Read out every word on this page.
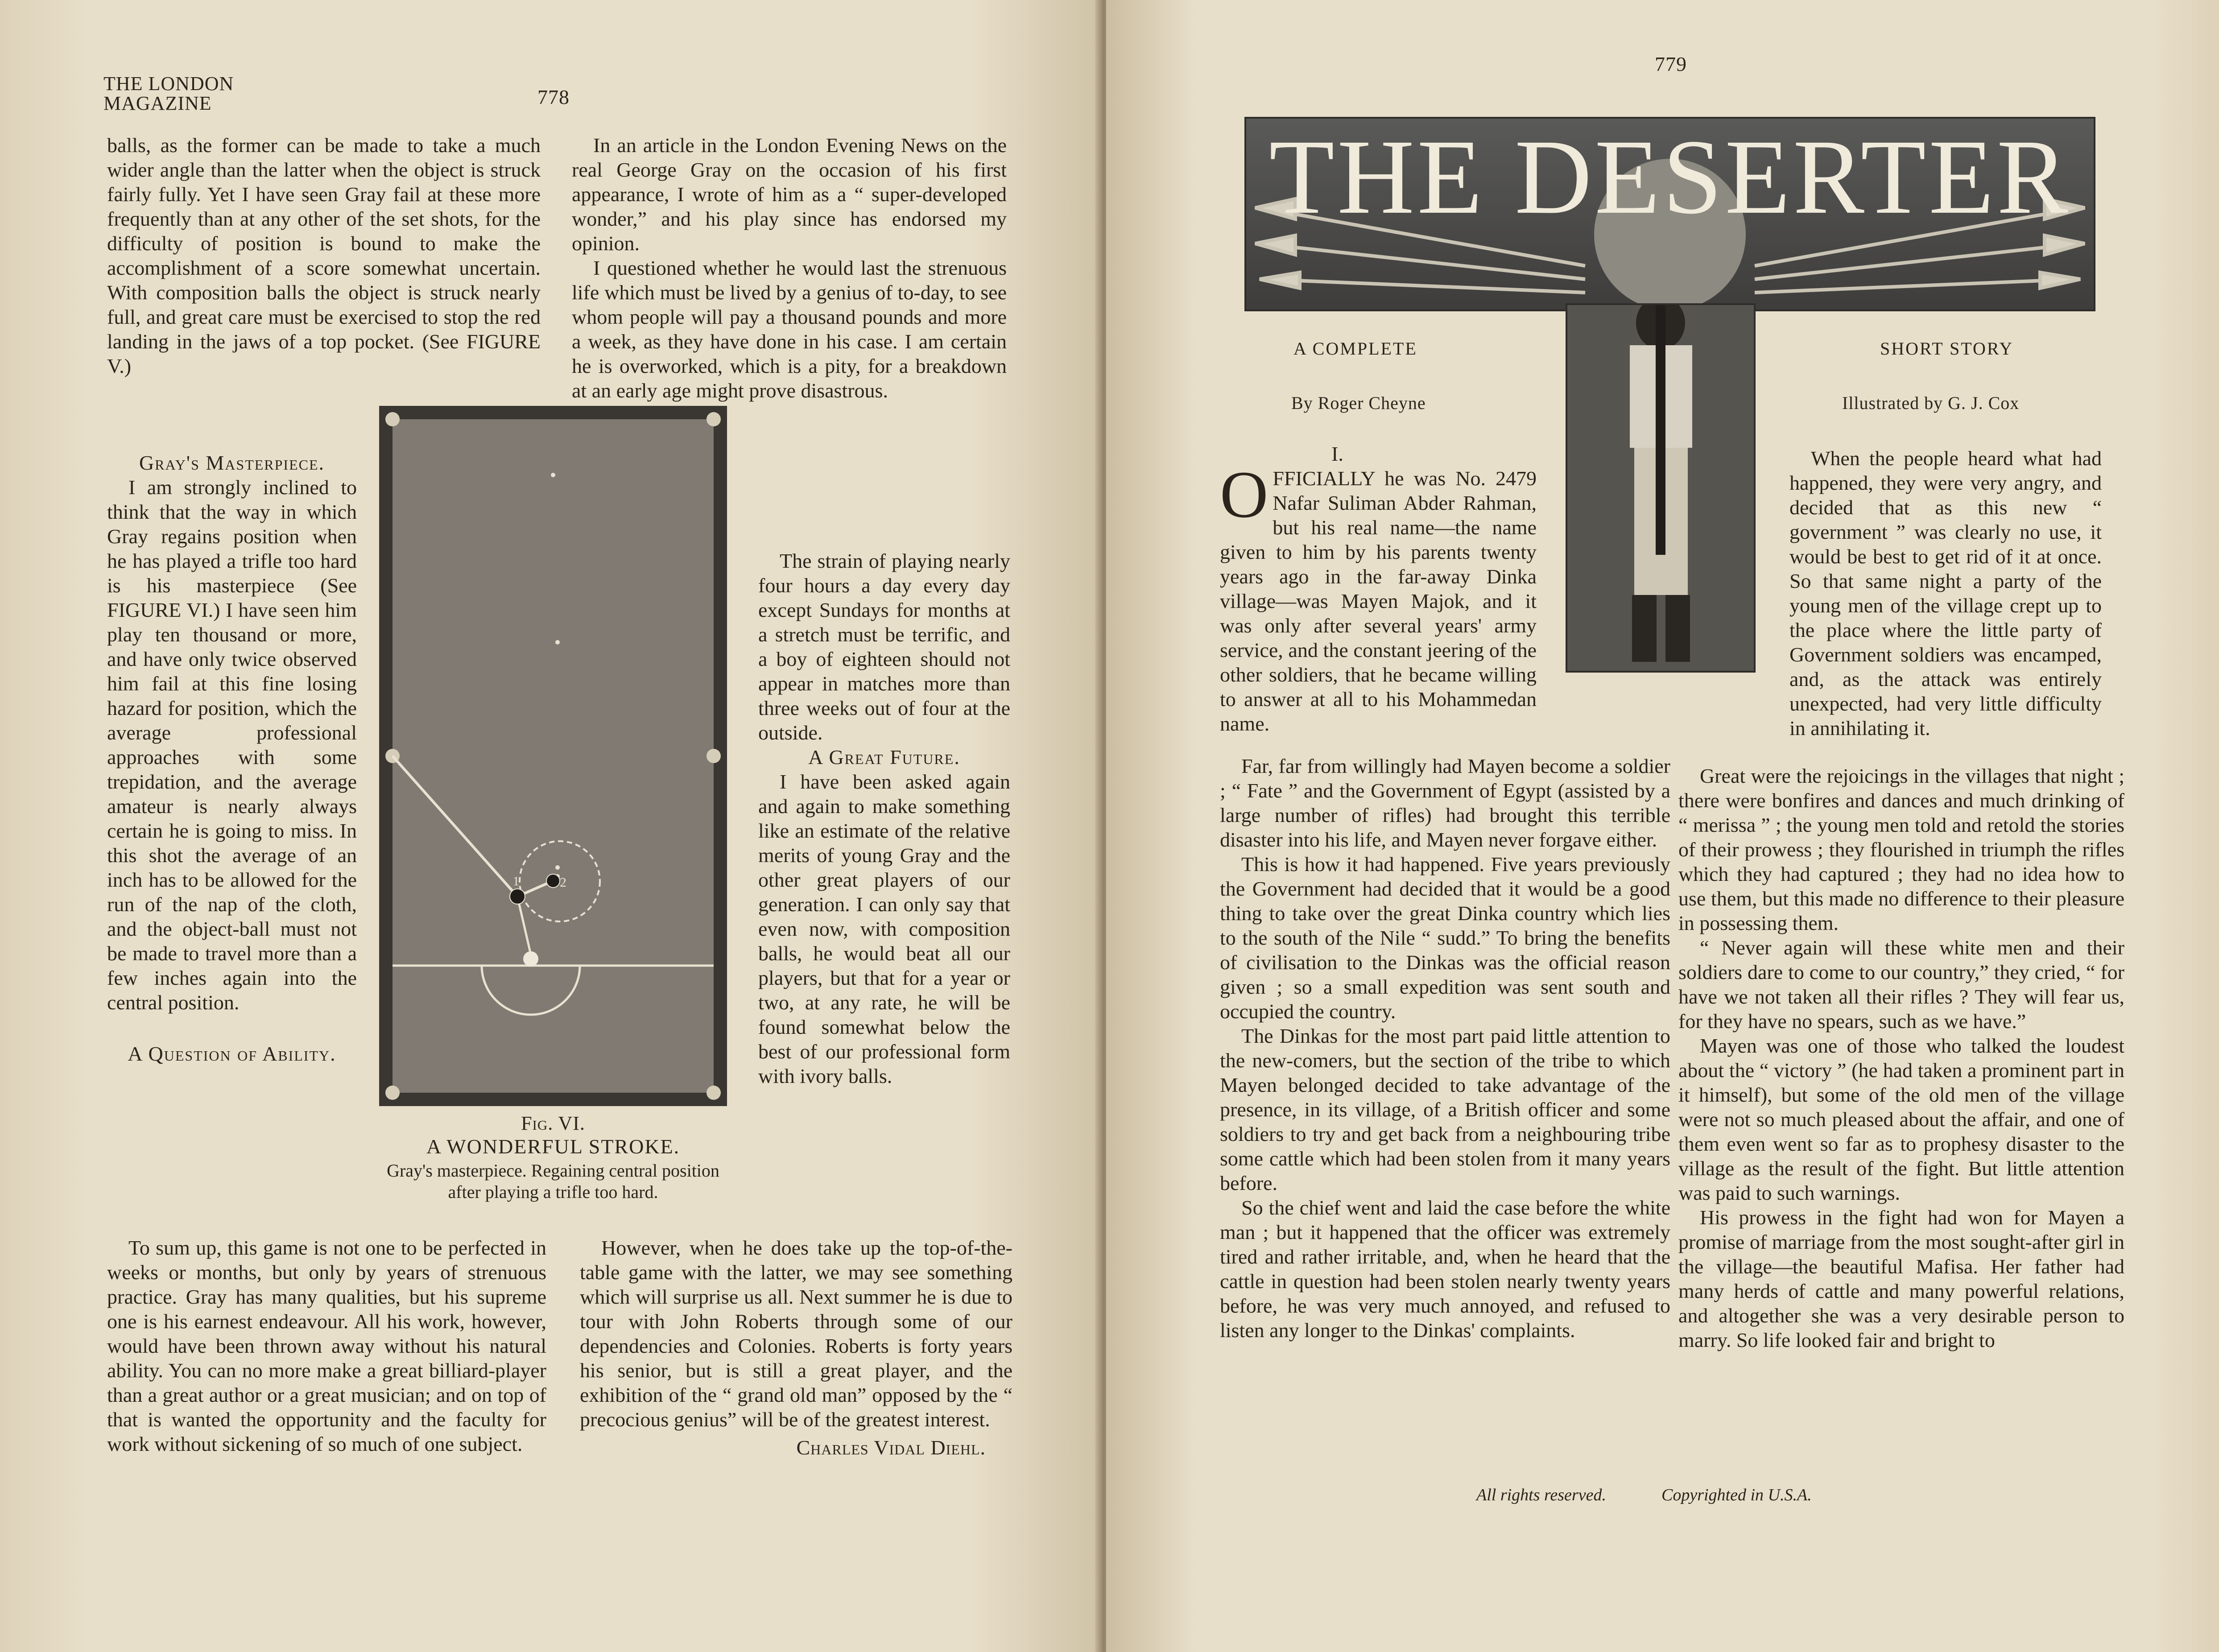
THE LONDON
MAGAZINE	778

balls, as the former can be made to take a much wider angle than the latter when the object is struck fairly fully. Yet I have seen Gray fail at these more frequently than at any other of the set shots, for the difficulty of position is bound to make the accomplishment of a score somewhat uncertain. With composition balls the object is struck nearly full, and great care must be exercised to stop the red landing in the jaws of a top pocket. (See FIGURE V.)

Gray's Masterpiece.

I am strongly inclined to think that the way in which Gray regains position when he has played a trifle too hard is his masterpiece (See FIGURE VI.) I have seen him play ten thousand or more, and have only twice observed him fail at this fine losing hazard for position, which the average professional approaches with some trepidation, and the average amateur is nearly always certain he is going to miss. In this shot the average of an inch has to be allowed for the run of the nap of the cloth, and the object-ball must not be made to travel more than a few inches again into the central position.

A Question of Ability.

To sum up, this game is not one to be perfected in weeks or months, but only by years of strenuous practice. Gray has many qualities, but his supreme one is his earnest endeavour. All his work, however, would have been thrown away without his natural ability. You can no more make a great billiard-player than a great author or a great musician; and on top of that is wanted the opportunity and the faculty for work without sickening of so much of one subject.

In an article in the London Evening News on the real George Gray on the occasion of his first appearance, I wrote of him as a “ super-developed wonder,” and his play since has endorsed my opinion.

I questioned whether he would last the strenuous life which must be lived by a genius of to-day, to see whom people will pay a thousand pounds and more a week, as they have done in his case. I am certain he is overworked, which is a pity, for a breakdown at an early age might prove disastrous.

The strain of playing nearly four hours a day every day except Sundays for months at a stretch must be terrific, and a boy of eighteen should not appear in matches more than three weeks out of four at the outside.

A Great Future.

I have been asked again and again to make something like an estimate of the relative merits of young Gray and the other great players of our generation. I can only say that even now, with composition balls, he would beat all our players, but that for a year or two, at any rate, he will be found somewhat below the best of our professional form with ivory balls.

However, when he does take up the top-of-the-table game with the latter, we may see something which will surprise us all. Next summer he is due to tour with John Roberts through some of our dependencies and Colonies. Roberts is forty years his senior, but is still a great player, and the exhibition of the “ grand old man” opposed by the “ precocious genius” will be of the greatest interest.

Charles Vidal Diehl.

2
1
Fig. VI.
A WONDERFUL STROKE.
Gray's masterpiece. Regaining central position after playing a trifle too hard.
779
THE DESERTER
A COMPLETE	SHORT STORY
By Roger Cheyne	Illustrated by G. J. Cox

I.

OFFICIALLY he was No. 2479 Nafar Suliman Abder Rahman, but his real name—the name given to him by his parents twenty years ago in the far-away Dinka village—was Mayen Majok, and it was only after several years' army service, and the constant jeering of the other soldiers, that he became willing to answer at all to his Mohammedan name.

Far, far from willingly had Mayen become a soldier ; “ Fate ” and the Government of Egypt (assisted by a large number of rifles) had brought this terrible disaster into his life, and Mayen never forgave either.

This is how it had happened. Five years previously the Government had decided that it would be a good thing to take over the great Dinka country which lies to the south of the Nile “ sudd.” To bring the benefits of civilisation to the Dinkas was the official reason given ; so a small expedition was sent south and occupied the country.

The Dinkas for the most part paid little attention to the new-comers, but the section of the tribe to which Mayen belonged decided to take advantage of the presence, in its village, of a British officer and some soldiers to try and get back from a neighbouring tribe some cattle which had been stolen from it many years before.

So the chief went and laid the case before the white man ; but it happened that the officer was extremely tired and rather irritable, and, when he heard that the cattle in question had been stolen nearly twenty years before, he was very much annoyed, and refused to listen any longer to the Dinkas' complaints.

When the people heard what had happened, they were very angry, and decided that as this new “ government ” was clearly no use, it would be best to get rid of it at once. So that same night a party of the young men of the village crept up to the place where the little party of Government soldiers was encamped, and, as the attack was entirely unexpected, had very little difficulty in annihilating it.

Great were the rejoicings in the villages that night ; there were bonfires and dances and much drinking of “ merissa ” ; the young men told and retold the stories of their prowess ; they flourished in triumph the rifles which they had captured ; they had no idea how to use them, but this made no difference to their pleasure in possessing them.

“ Never again will these white men and their soldiers dare to come to our country,” they cried, “ for have we not taken all their rifles ? They will fear us, for they have no spears, such as we have.”

Mayen was one of those who talked the loudest about the “ victory ” (he had taken a prominent part in it himself), but some of the old men of the village were not so much pleased about the affair, and one of them even went so far as to prophesy disaster to the village as the result of the fight. But little attention was paid to such warnings.

His prowess in the fight had won for Mayen a promise of marriage from the most sought-after girl in the village—the beautiful Mafisa. Her father had many herds of cattle and many powerful relations, and altogether she was a very desirable person to marry. So life looked fair and bright to

All rights reserved.	Copyrighted in U.S.A.
